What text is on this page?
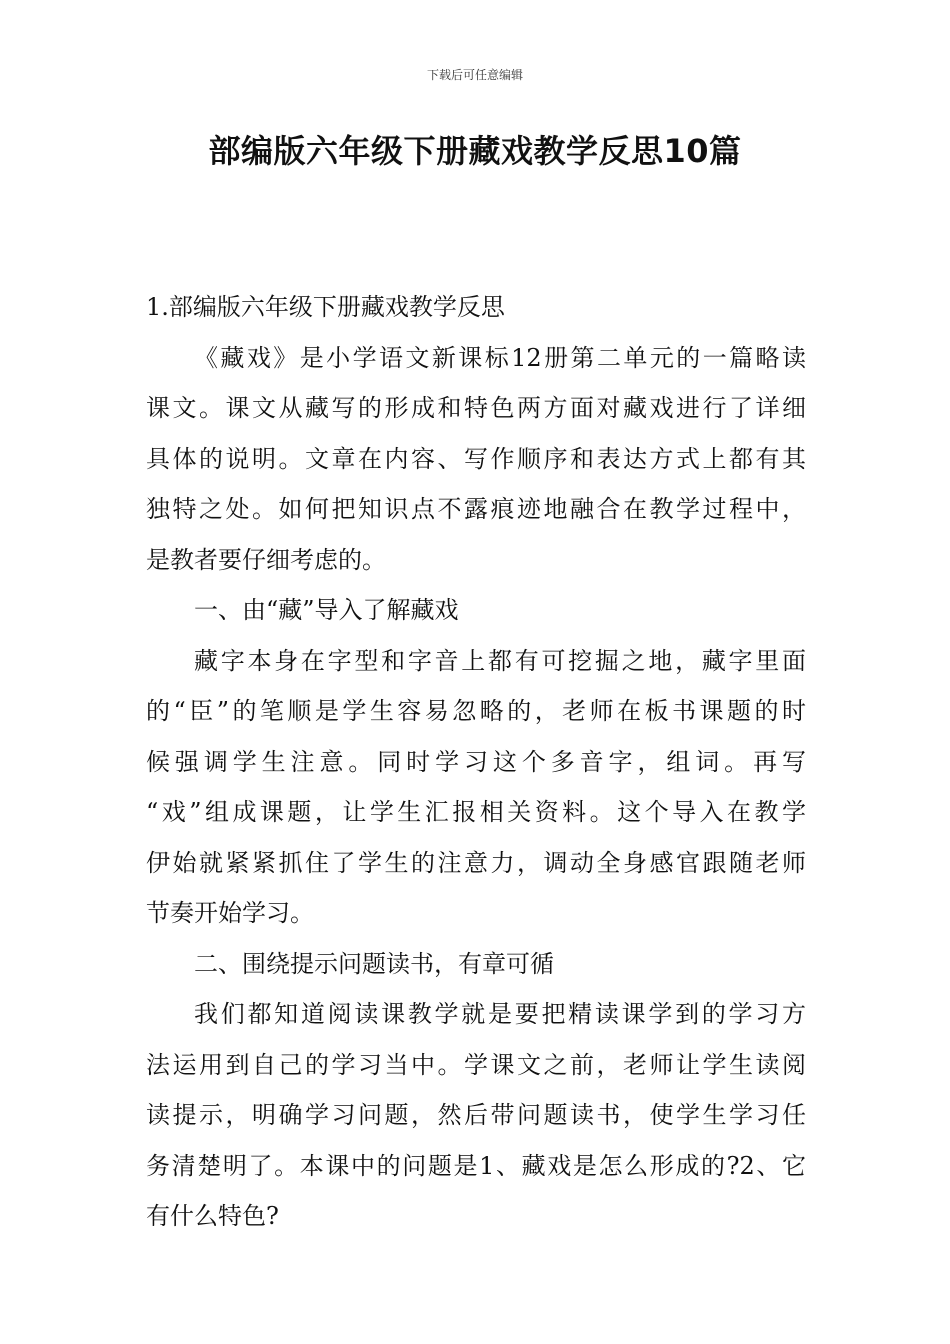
下载后可任意编辑
部编版六年级下册藏戏教学反思10篇
1.部编版六年级下册藏戏教学反思
《藏戏》是小学语文新课标12册第二单元的一篇略读
课文。课文从藏写的形成和特色两方面对藏戏进行了详细
具体的说明。文章在内容、写作顺序和表达方式上都有其
独特之处。如何把知识点不露痕迹地融合在教学过程中，
是教者要仔细考虑的。
一、由“藏”导入了解藏戏
藏字本身在字型和字音上都有可挖掘之地，藏字里面
的“臣”的笔顺是学生容易忽略的，老师在板书课题的时
候强调学生注意。同时学习这个多音字，组词。再写
“戏”组成课题，让学生汇报相关资料。这个导入在教学
伊始就紧紧抓住了学生的注意力，调动全身感官跟随老师
节奏开始学习。
二、围绕提示问题读书，有章可循
我们都知道阅读课教学就是要把精读课学到的学习方
法运用到自己的学习当中。学课文之前，老师让学生读阅
读提示，明确学习问题，然后带问题读书，使学生学习任
务清楚明了。本课中的问题是1、藏戏是怎么形成的?2、它
有什么特色?
